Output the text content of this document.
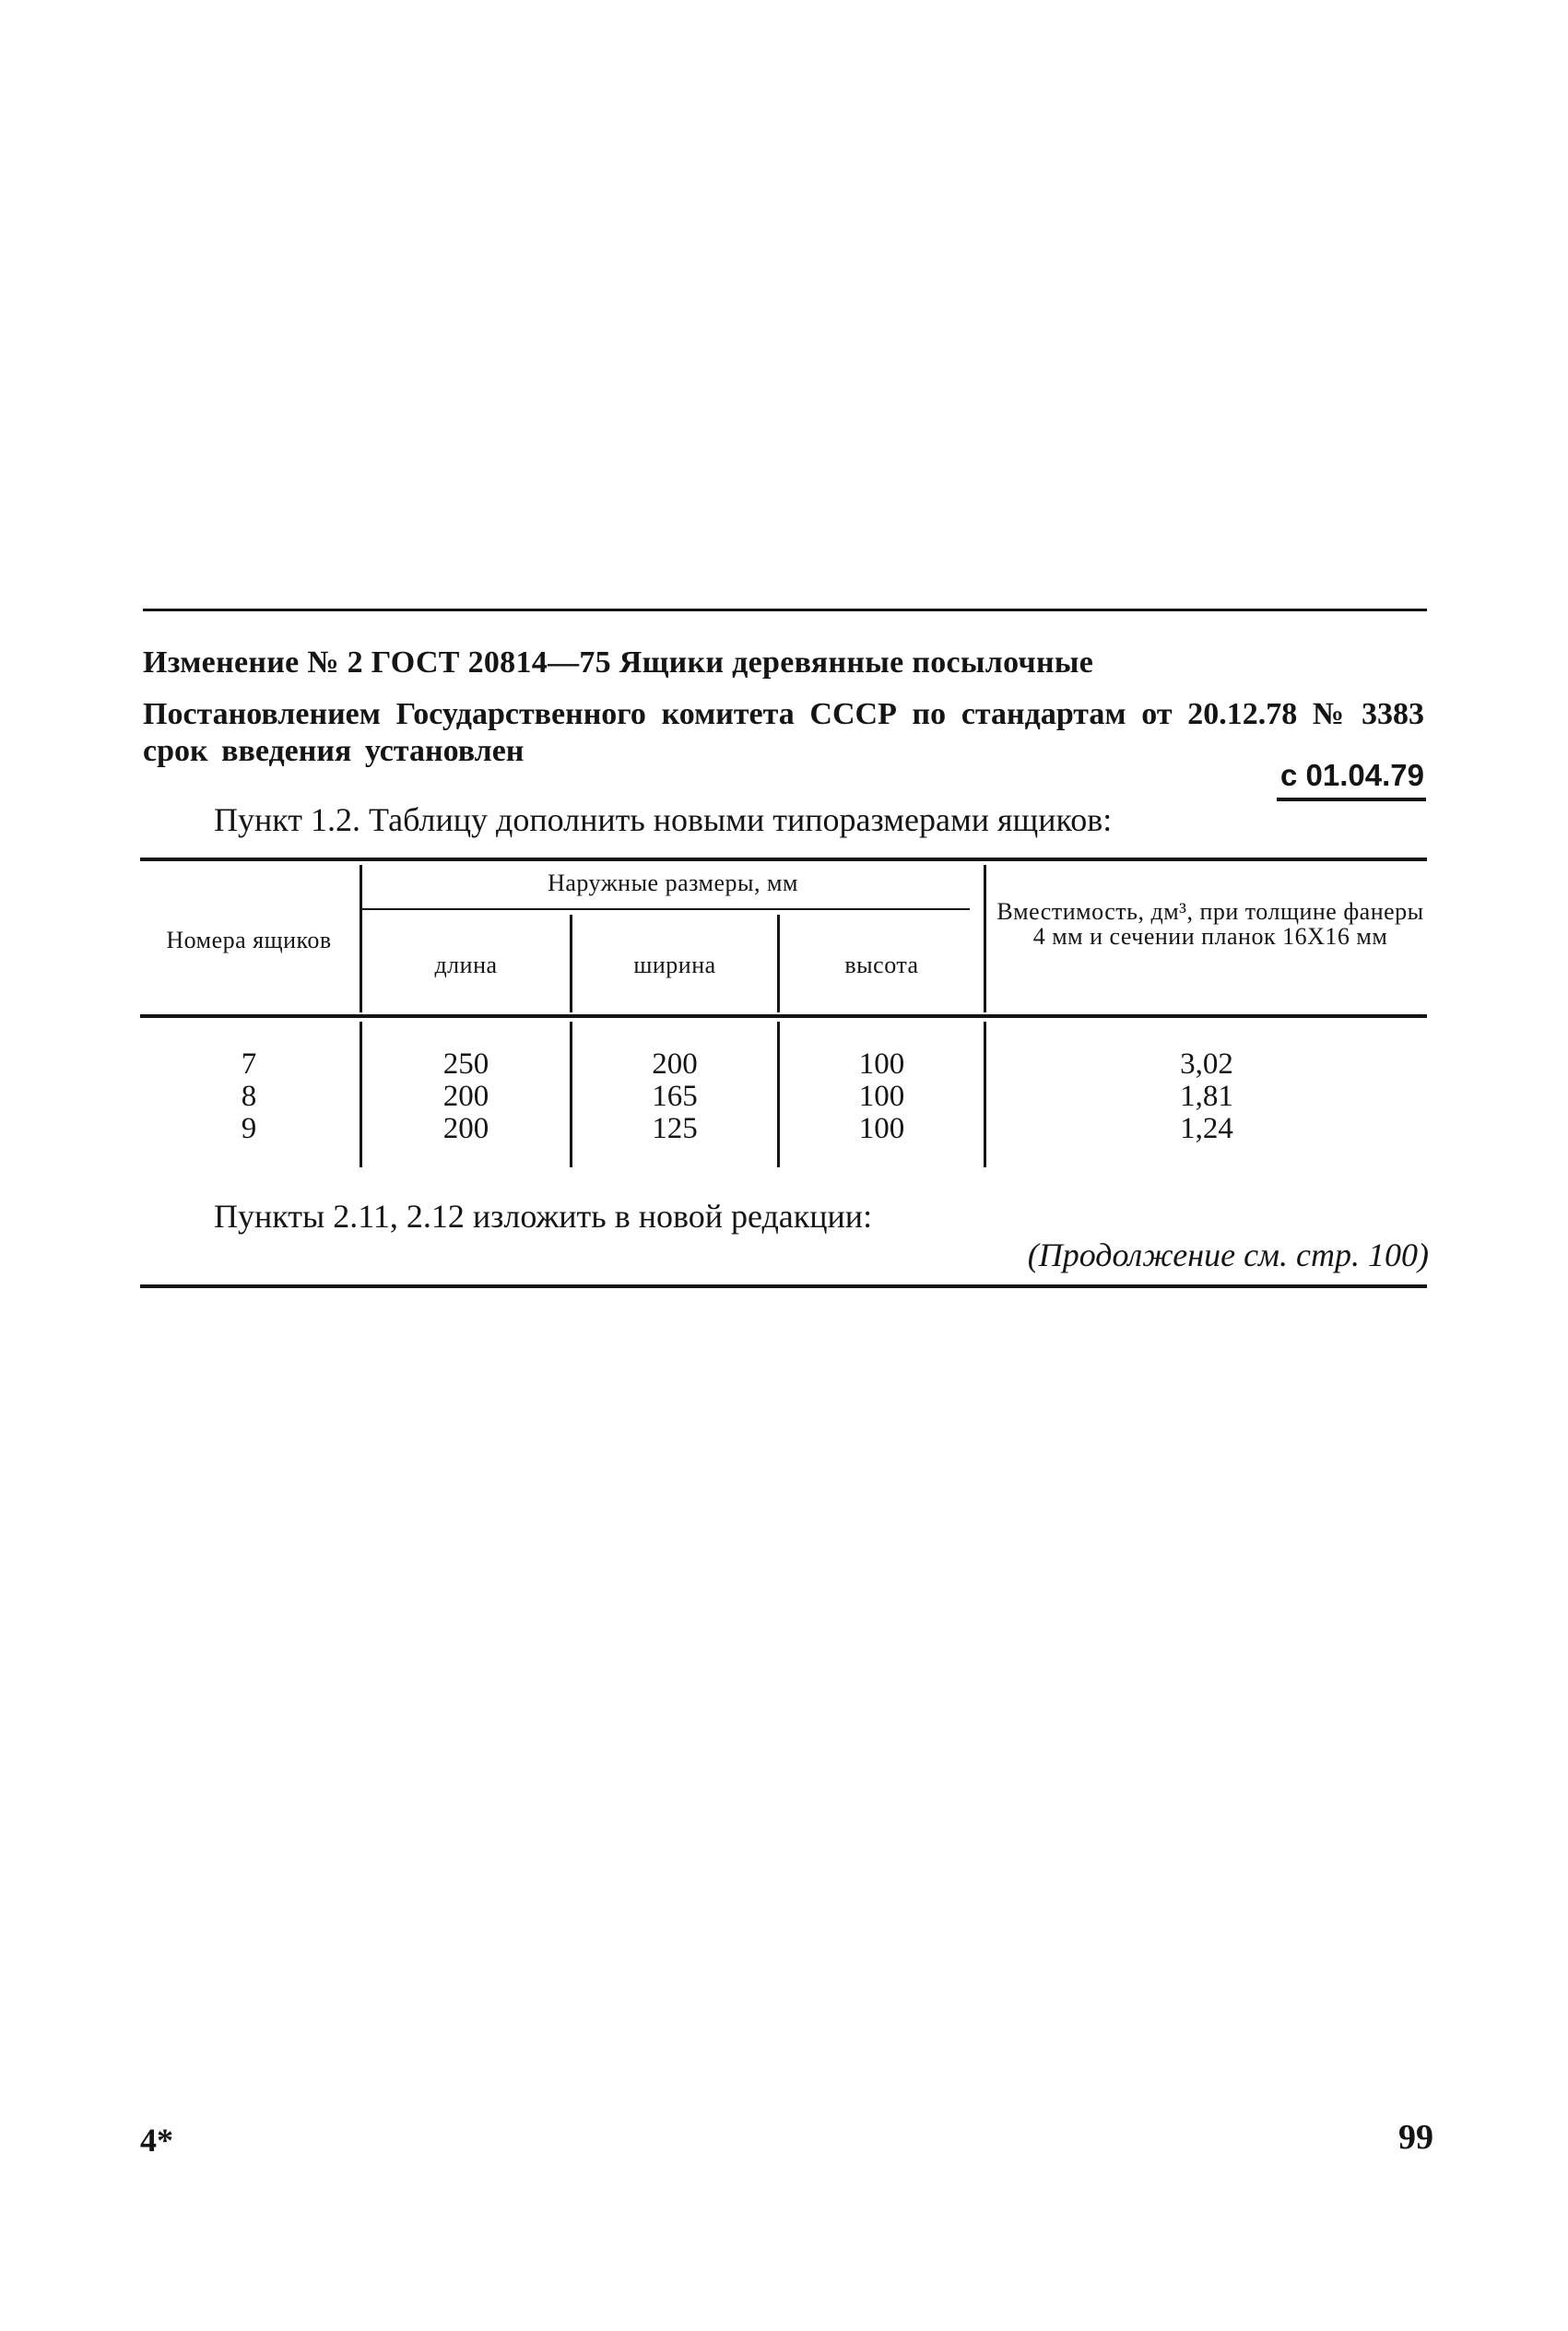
Изменение № 2 ГОСТ 20814—75 Ящики деревянные посылочные
Постановлением Государственного комитета СССР по стандартам от 20.12.78 № 3383 срок введения установлен
с 01.04.79
Пункт 1.2. Таблицу дополнить новыми типоразмерами ящиков:
Номера ящиков
Наружные размеры, мм
длина	ширина	высота
Вместимость, дм³, при толщине фанеры 4 мм и сечении планок 16Х16 мм
7	250	200	100	3,02
8	200	165	100	1,81
9	200	125	100	1,24
Пункты 2.11, 2.12 изложить в новой редакции:
(Продолжение см. стр. 100)
4*	99
